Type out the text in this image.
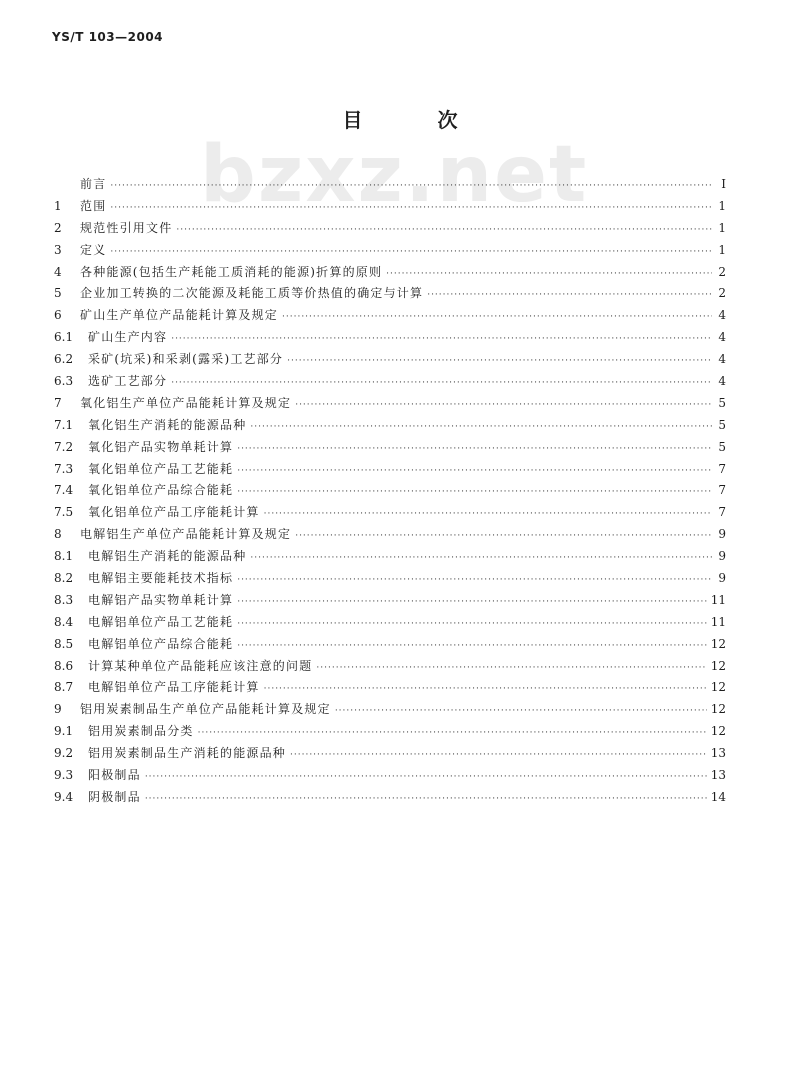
YS/T 103—2004
bzxz.net
目 次
前言 ·····	I
1	范围 ·····	1
2	规范性引用文件 ·····	1
3	定义 ·····	1
4	各种能源(包括生产耗能工质消耗的能源)折算的原则 ·····	2
5	企业加工转换的二次能源及耗能工质等价热值的确定与计算 ·····	2
6	矿山生产单位产品能耗计算及规定 ·····	4
6.1	矿山生产内容 ·····	4
6.2	采矿(坑采)和采剥(露采)工艺部分 ·····	4
6.3	选矿工艺部分 ·····	4
7	氧化铝生产单位产品能耗计算及规定 ·····	5
7.1	氧化铝生产消耗的能源品种 ·····	5
7.2	氧化铝产品实物单耗计算 ·····	5
7.3	氧化铝单位产品工艺能耗 ·····	7
7.4	氧化铝单位产品综合能耗 ·····	7
7.5	氧化铝单位产品工序能耗计算 ·····	7
8	电解铝生产单位产品能耗计算及规定 ·····	9
8.1	电解铝生产消耗的能源品种 ·····	9
8.2	电解铝主要能耗技术指标 ·····	9
8.3	电解铝产品实物单耗计算 ·····	11
8.4	电解铝单位产品工艺能耗 ·····	11
8.5	电解铝单位产品综合能耗 ·····	12
8.6	计算某种单位产品能耗应该注意的问题 ·····	12
8.7	电解铝单位产品工序能耗计算 ·····	12
9	铝用炭素制品生产单位产品能耗计算及规定 ·····	12
9.1	铝用炭素制品分类 ·····	12
9.2	铝用炭素制品生产消耗的能源品种 ·····	13
9.3	阳极制品 ·····	13
9.4	阴极制品 ·····	14
